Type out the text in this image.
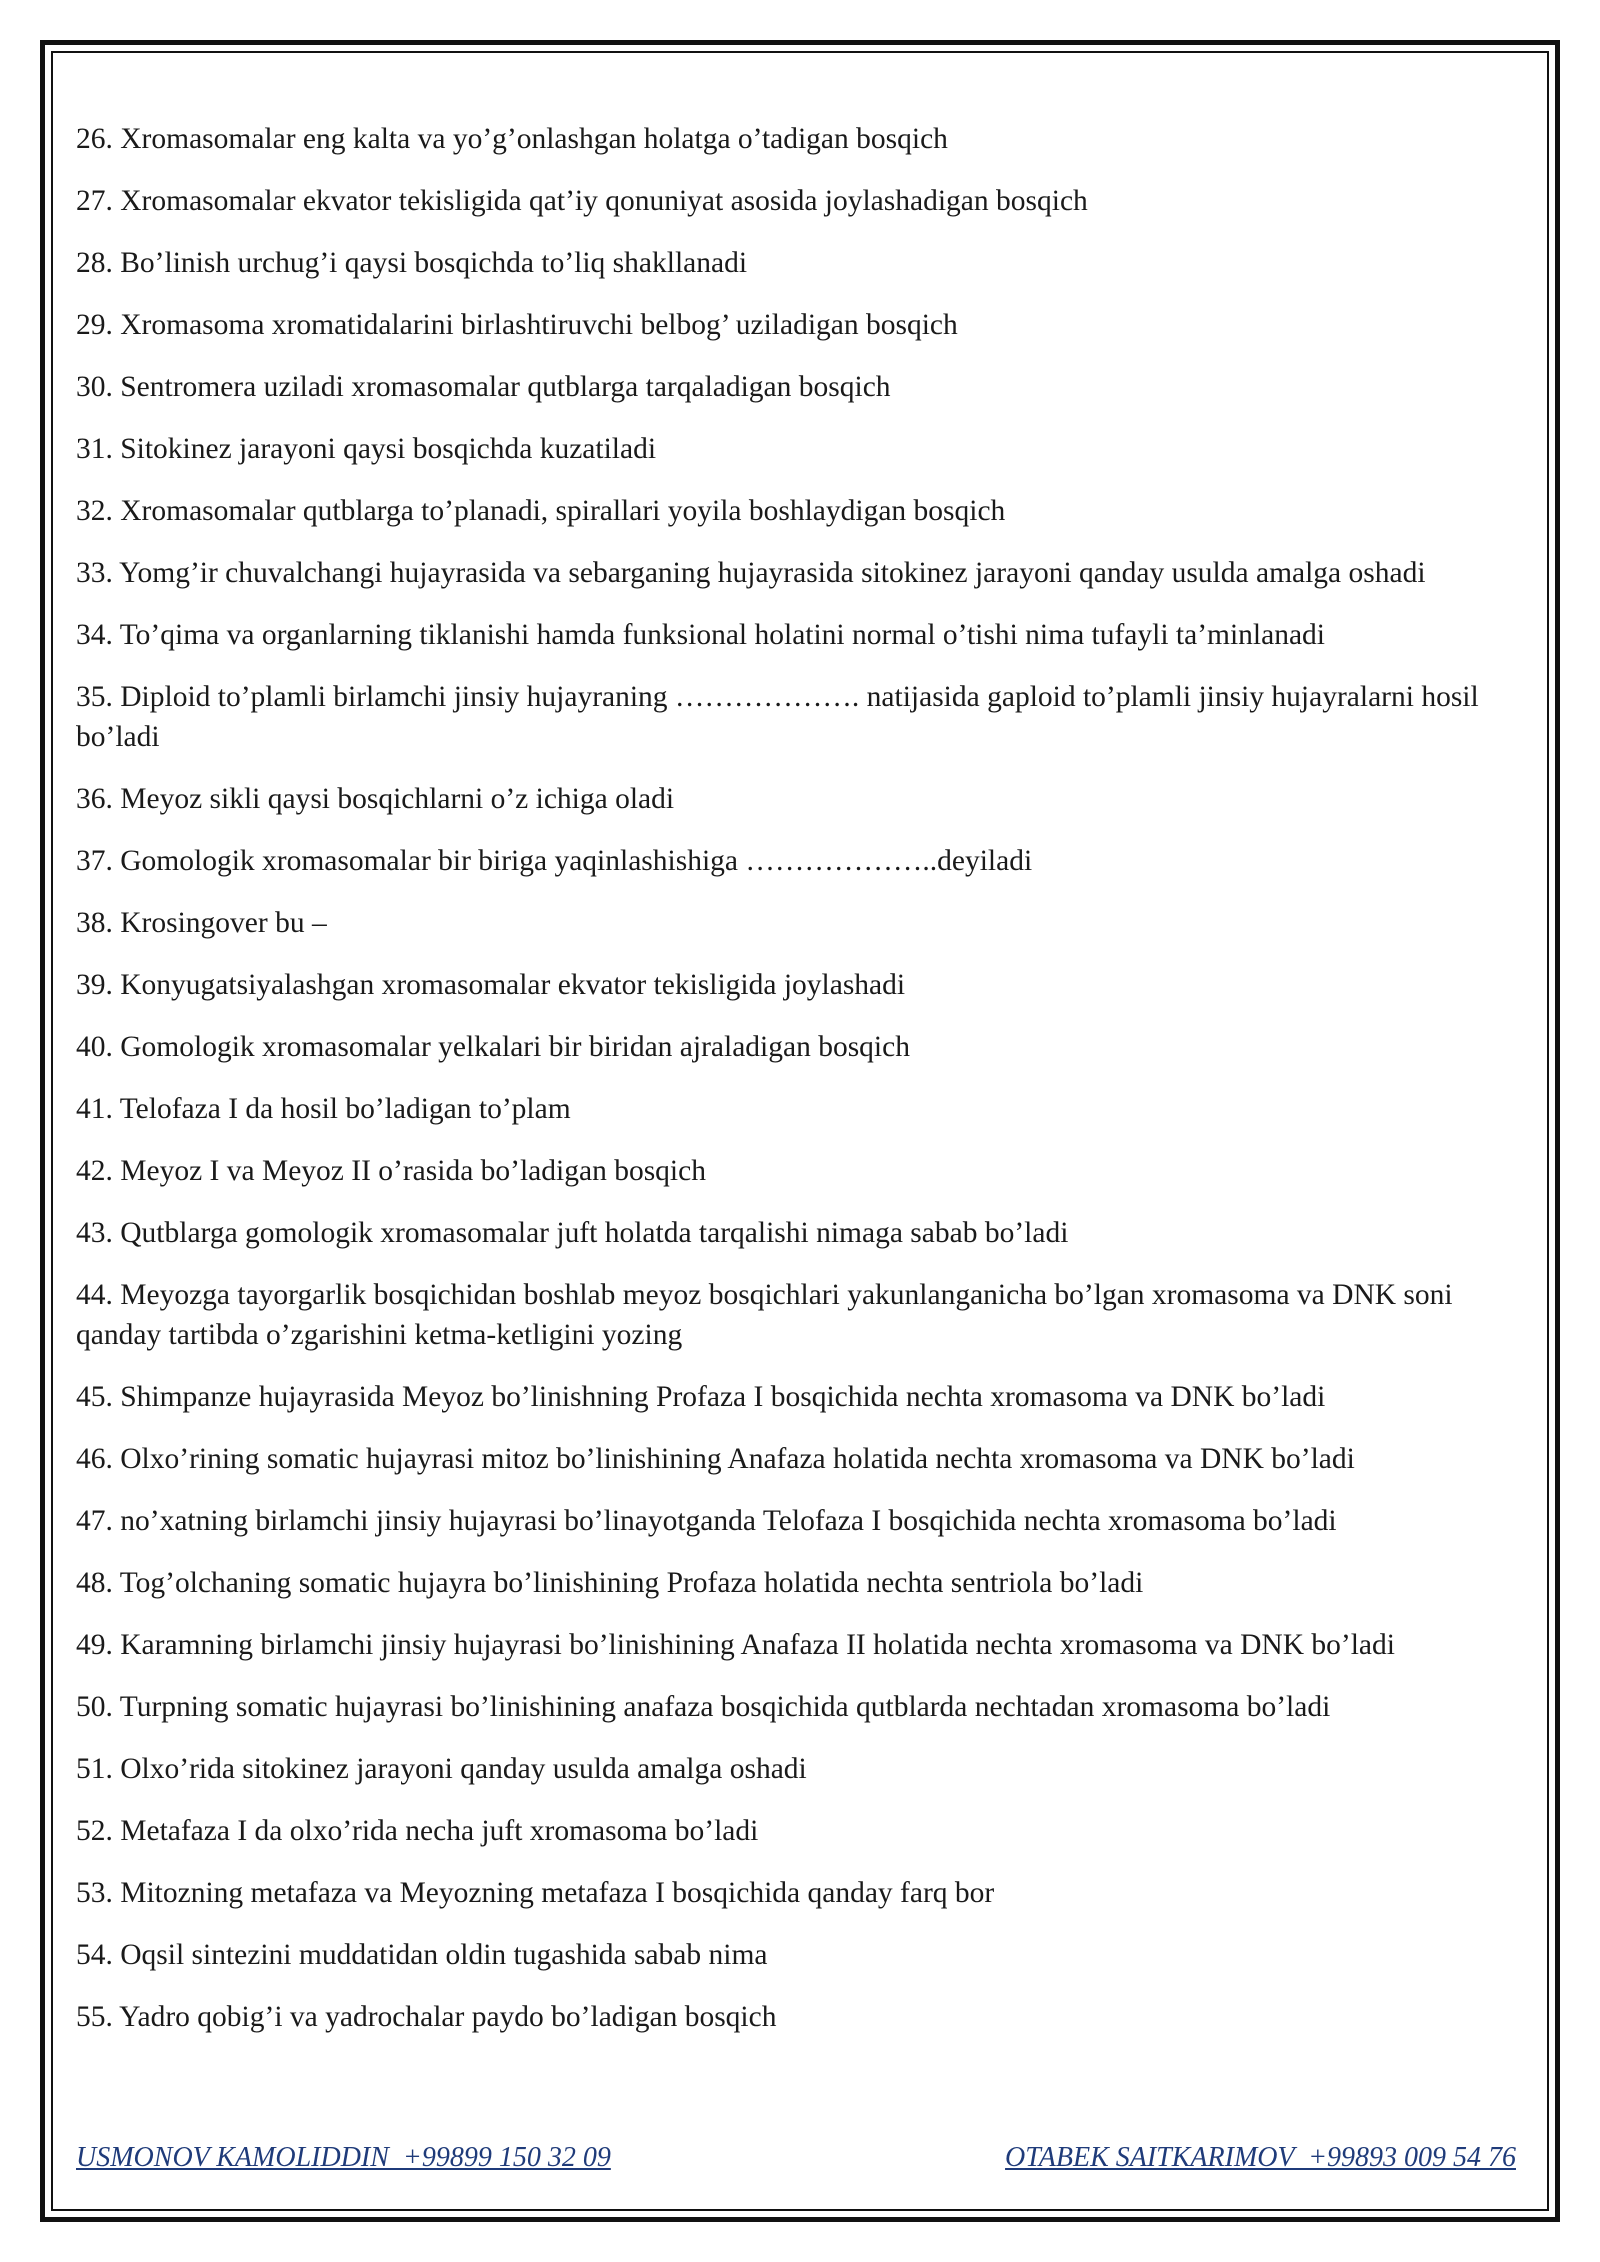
26. Xromasomalar eng kalta va yo’g’onlashgan holatga o’tadigan bosqich
27. Xromasomalar ekvator tekisligida qat’iy qonuniyat asosida joylashadigan bosqich
28. Bo’linish urchug’i qaysi bosqichda to’liq shakllanadi
29. Xromasoma xromatidalarini birlashtiruvchi belbog’ uziladigan bosqich
30. Sentromera uziladi xromasomalar qutblarga tarqaladigan bosqich
31. Sitokinez jarayoni qaysi bosqichda kuzatiladi
32. Xromasomalar qutblarga to’planadi, spirallari yoyila boshlaydigan bosqich
33. Yomg’ir chuvalchangi hujayrasida va sebarganing hujayrasida sitokinez jarayoni qanday usulda amalga oshadi
34. To’qima va organlarning tiklanishi hamda funksional holatini normal o’tishi nima tufayli ta’minlanadi
35. Diploid to’plamli birlamchi jinsiy hujayraning ………………. natijasida gaploid to’plamli jinsiy hujayralarni hosil bo’ladi
36. Meyoz sikli qaysi bosqichlarni o’z ichiga oladi
37. Gomologik xromasomalar bir biriga yaqinlashishiga ………………..deyiladi
38. Krosingover bu –
39. Konyugatsiyalashgan xromasomalar ekvator tekisligida joylashadi
40. Gomologik xromasomalar yelkalari bir biridan ajraladigan bosqich
41. Telofaza I da hosil bo’ladigan to’plam
42. Meyoz I va Meyoz II o’rasida bo’ladigan bosqich
43. Qutblarga gomologik xromasomalar juft holatda tarqalishi nimaga sabab bo’ladi
44. Meyozga tayorgarlik bosqichidan boshlab meyoz bosqichlari yakunlanganicha bo’lgan xromasoma va DNK soni qanday tartibda o’zgarishini ketma-ketligini yozing
45. Shimpanze hujayrasida Meyoz bo’linishning Profaza I bosqichida nechta xromasoma va DNK bo’ladi
46. Olxo’rining somatic hujayrasi mitoz bo’linishining Anafaza holatida nechta xromasoma va DNK bo’ladi
47. no’xatning birlamchi jinsiy hujayrasi bo’linayotganda Telofaza I bosqichida nechta xromasoma bo’ladi
48. Tog’olchaning somatic hujayra bo’linishining Profaza holatida nechta sentriola bo’ladi
49. Karamning birlamchi jinsiy hujayrasi bo’linishining Anafaza II holatida nechta xromasoma va DNK bo’ladi
50. Turpning somatic hujayrasi bo’linishining anafaza bosqichida qutblarda nechtadan xromasoma bo’ladi
51. Olxo’rida sitokinez jarayoni qanday usulda amalga oshadi
52. Metafaza I da olxo’rida necha juft xromasoma bo’ladi
53. Mitozning metafaza va Meyozning metafaza I bosqichida qanday farq bor
54. Oqsil sintezini muddatidan oldin tugashida sabab nima
55. Yadro qobig’i va yadrochalar paydo bo’ladigan bosqich
USMONOV KAMOLIDDIN  +99899 150 32 09	OTABEK SAITKARIMOV  +99893 009 54 76
